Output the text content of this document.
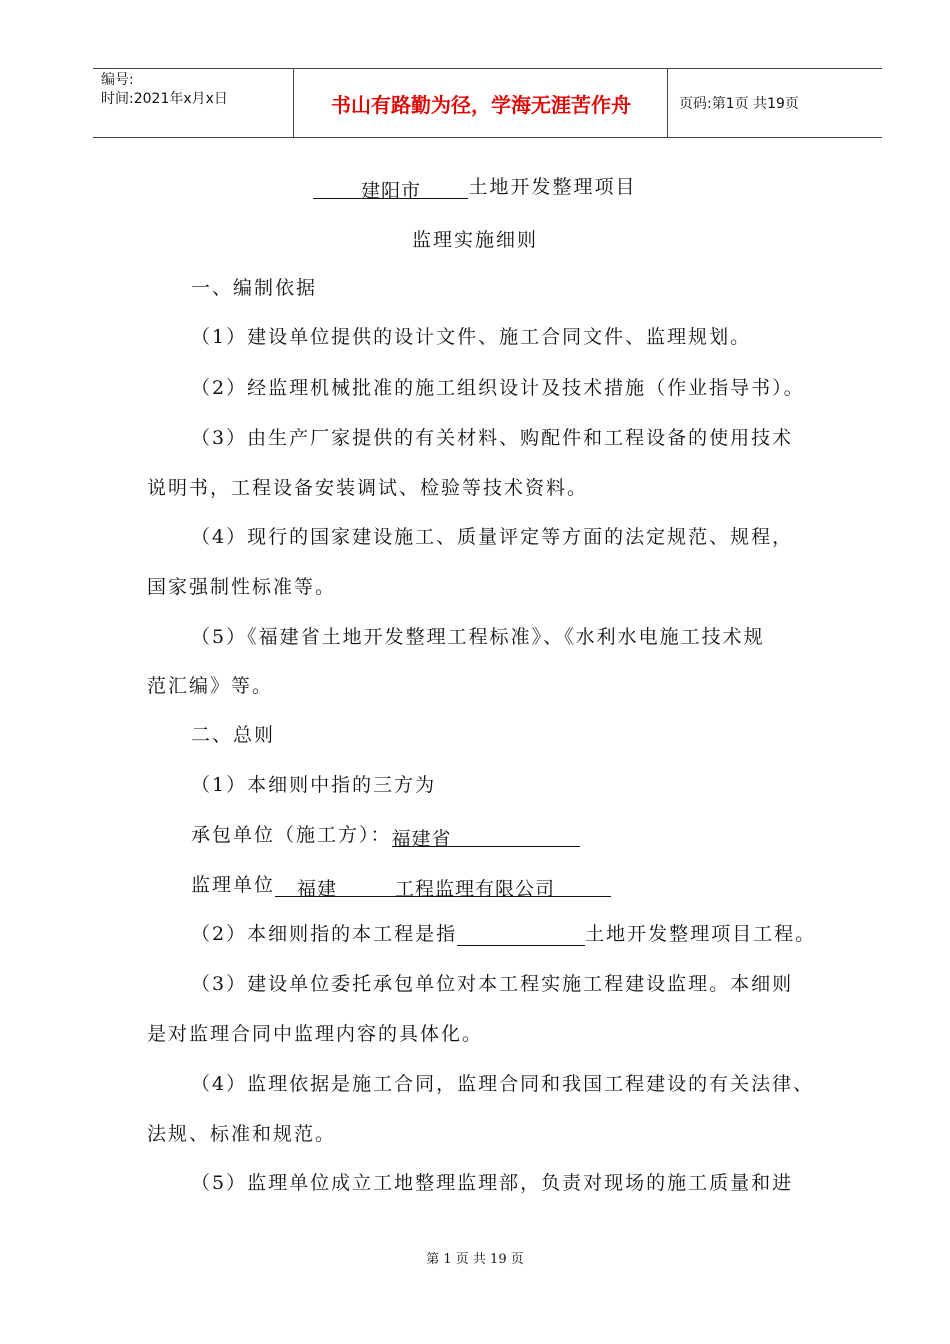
编号:
时间:2021年x月x日	书山有路勤为径，学海无涯苦作舟	页码:第1页 共19页
建阳市	土地开发整理项目
监理实施细则
一、编制依据
（1）建设单位提供的设计文件、施工合同文件、监理规划。
（2）经监理机械批准的施工组织设计及技术措施（作业指导书）。
（3）由生产厂家提供的有关材料、购配件和工程设备的使用技术
说明书，工程设备安装调试、检验等技术资料。
（4）现行的国家建设施工、质量评定等方面的法定规范、规程，
国家强制性标准等。
（5）《福建省土地开发整理工程标准》、《水利水电施工技术规
范汇编》等。
二、总则
（1）本细则中指的三方为
承包单位（施工方）：福建省
监理单位 福建	工程监理有限公司
（2）本细则指的本工程是指	土地开发整理项目工程。
（3）建设单位委托承包单位对本工程实施工程建设监理。本细则
是对监理合同中监理内容的具体化。
（4）监理依据是施工合同，监理合同和我国工程建设的有关法律、
法规、标准和规范。
（5）监理单位成立工地整理监理部，负责对现场的施工质量和进
第 1 页 共 19 页
